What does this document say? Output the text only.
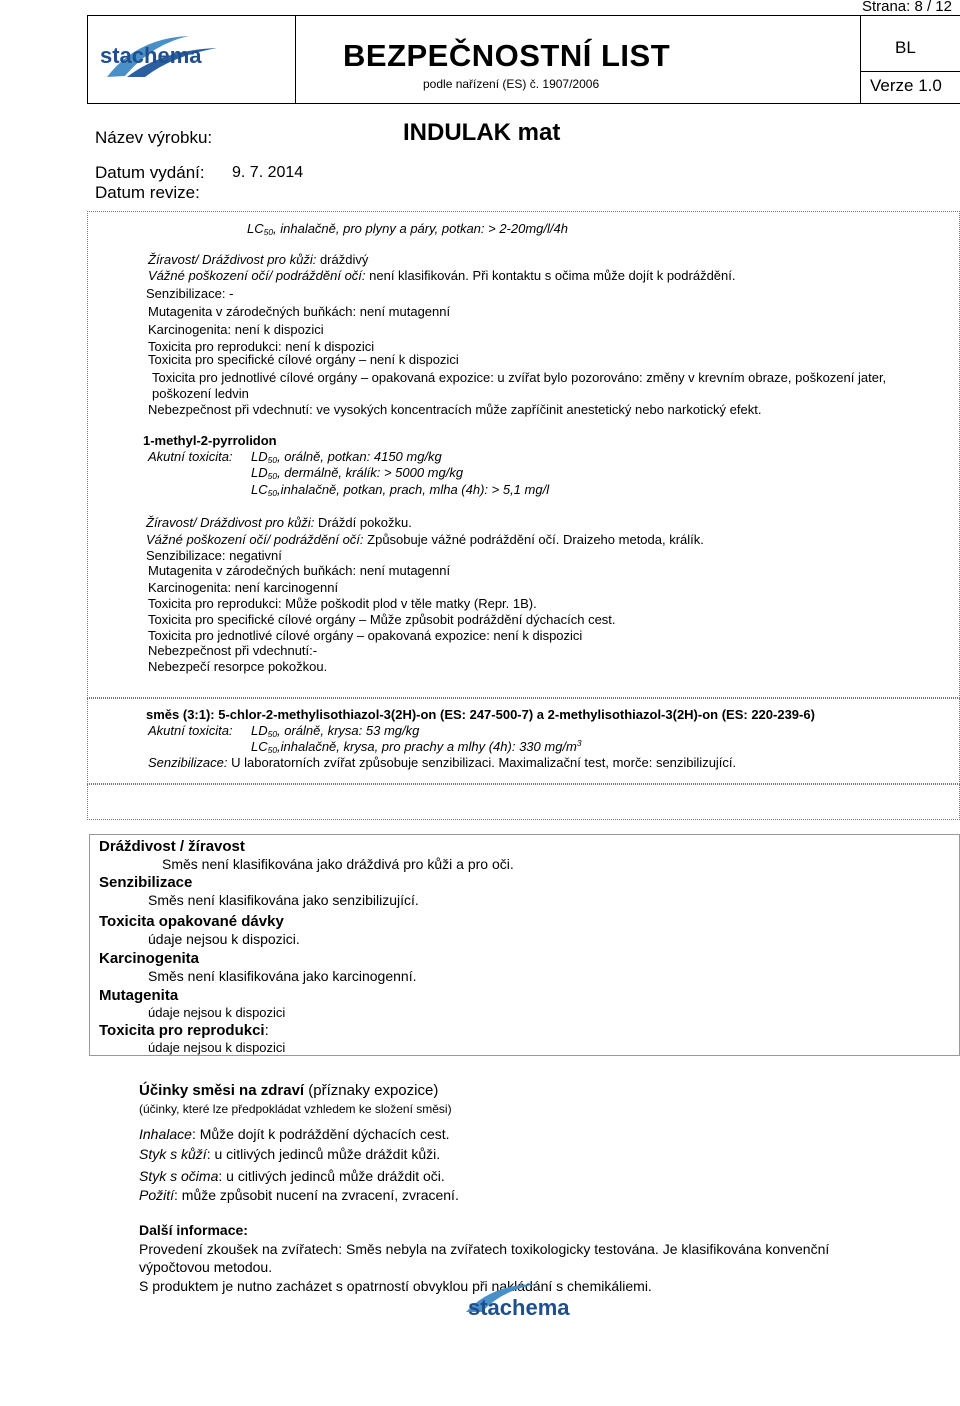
Strana: 8 / 12
stachema	BEZPEČNOSTNÍ LIST
podle nařízení (ES) č. 1907/2006
BL
Verze 1.0
Název výrobku:	INDULAK mat
Datum vydání: 9. 7. 2014
Datum revize:
$LC_{50}$, inhalačně, pro plyny a páry, potkan: > 2-20mg/l/4h
Žíravost/ Dráždivost pro kůži: dráždivý
Vážné poškození očí/ podráždění očí: není klasifikován. Při kontaktu s očima může dojít k podráždění.
Senzibilizace: -
Mutagenita v zárodečných buňkách: není mutagenní
Karcinogenita: není k dispozici
Toxicita pro reprodukci: není k dispozici
Toxicita pro specifické cílové orgány – není k dispozici
Toxicita pro jednotlivé cílové orgány – opakovaná expozice: u zvířat bylo pozorováno: změny v krevním obraze, poškození jater,
poškození ledvin
Nebezpečnost při vdechnutí: ve vysokých koncentracích může zapříčinit anestetický nebo narkotický efekt.
1-methyl-2-pyrrolidon
Akutní toxicita: $LD_{50}$, orálně, potkan: 4150 mg/kg
$LD_{50}$, dermálně, králík: > 5000 mg/kg
$LC_{50},inhalačně$, potkan, prach, mlha (4h): > 5,1 mg/l
Žíravost/ Dráždivost pro kůži: Dráždí pokožku.
Vážné poškození očí/ podráždění očí: Způsobuje vážné podráždění očí. Draizeho metoda, králík.
Senzibilizace: negativní
Mutagenita v zárodečných buňkách: není mutagenní
Karcinogenita: není karcinogenní
Toxicita pro reprodukci: Může poškodit plod v těle matky (Repr. 1B).
Toxicita pro specifické cílové orgány – Může způsobit podráždění dýchacích cest.
Toxicita pro jednotlivé cílové orgány – opakovaná expozice: není k dispozici
Nebezpečnost při vdechnutí:-
Nebezpečí resorpce pokožkou.
směs (3:1): 5-chlor-2-methylisothiazol-3(2H)-on (ES: 247-500-7) a 2-methylisothiazol-3(2H)-on (ES: 220-239-6)
Akutní toxicita: $LD_{50}$, orálně, krysa: 53 mg/kg
$LC_{50},inhalačně$, krysa, pro prachy a mlhy (4h): 330 $mg/m^3$
Senzibilizace: U laboratorních zvířat způsobuje senzibilizaci. Maximalizační test, morče: senzibilizující.
Dráždivost / žíravost
Směs není klasifikována jako dráždivá pro kůži a pro oči.
Senzibilizace
Směs není klasifikována jako senzibilizující.
Toxicita opakované dávky
údaje nejsou k dispozici.
Karcinogenita
Směs není klasifikována jako karcinogenní.
Mutagenita
údaje nejsou k dispozici
Toxicita pro reprodukci:
údaje nejsou k dispozici
Účinky směsi na zdraví (příznaky expozice)
(účinky, které lze předpokládat vzhledem ke složení směsi)
Inhalace: Může dojít k podráždění dýchacích cest.
Styk s kůží: u citlivých jedinců může dráždit kůži.
Styk s očima: u citlivých jedinců může dráždit oči.
Požití: může způsobit nucení na zvracení, zvracení.
Další informace:
Provedení zkoušek na zvířatech: Směs nebyla na zvířatech toxikologicky testována. Je klasifikována konvenční
výpočtovou metodou.
S produktem je nutno zacházet s opatrností obvyklou při nakládání s chemikáliemi.
stachema
